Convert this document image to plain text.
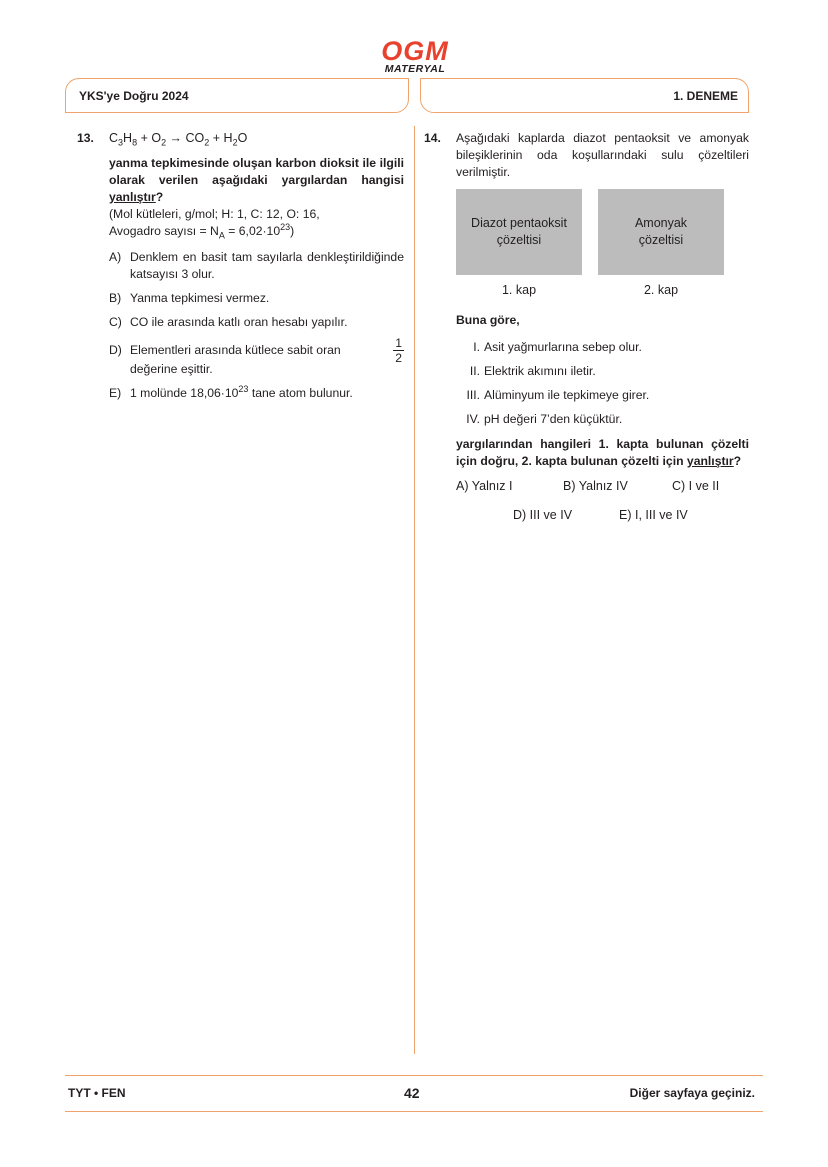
OGM
MATERYAL
YKS'ye Doğru 2024	1. DENEME
13. $C_3H_8 + O_2 \to CO_2 + H_2O$
yanma tepkimesinde oluşan karbon dioksit ile ilgili olarak verilen aşağıdaki yargılardan hangisi yanlıştır?
(Mol kütleleri, g/mol; H: 1, C: 12, O: 16,
Avogadro sayısı = $N_A = 6,02\cdot 10^{23}$)
A) Denklem en basit tam sayılarla denkleştirildiğinde katsayısı 3 olur.
B) Yanma tepkimesi vermez.
C) CO ile arasında katlı oran hesabı yapılır.
D) Elementleri arasında kütlece sabit oran	$\frac{1}{2}$
değerine eşittir.
E) 1 molünde $18,06\cdot 10^{23}$ tane atom bulunur.
14. Aşağıdaki kaplarda diazot pentaoksit ve amonyak bileşiklerinin oda koşullarındaki sulu çözeltileri verilmiştir.
Diazot pentaoksit
çözeltisi
1. kap
Amonyak
çözeltisi
2. kap
Buna göre,
I. Asit yağmurlarına sebep olur.
II. Elektrik akımını iletir.
III. Alüminyum ile tepkimeye girer.
IV. pH değeri 7’den küçüktür.
yargılarından hangileri 1. kapta bulunan çözelti için doğru, 2. kapta bulunan çözelti için yanlıştır?
A) Yalnız I	B) Yalnız IV	C) I ve II
D) III ve IV	E) I, III ve IV
TYT • FEN	42	Diğer sayfaya geçiniz.
